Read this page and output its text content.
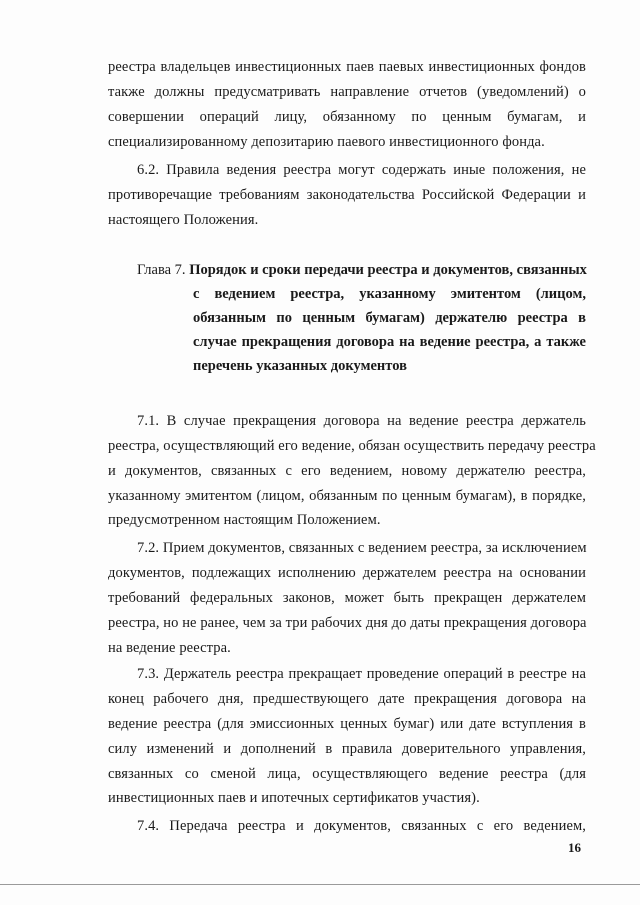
реестра владельцев инвестиционных паев паевых инвестиционных фондов
также должны предусматривать направление отчетов (уведомлений) о
совершении операций лицу, обязанному по ценным бумагам, и
специализированному депозитарию паевого инвестиционного фонда.
6.2. Правила ведения реестра могут содержать иные положения, не
противоречащие требованиям законодательства Российской Федерации и
настоящего Положения.
Глава 7. Порядок и сроки передачи реестра и документов, связанных
с ведением реестра, указанному эмитентом (лицом,
обязанным по ценным бумагам) держателю реестра в
случае прекращения договора на ведение реестра, а также
перечень указанных документов
7.1. В случае прекращения договора на ведение реестра держатель
реестра, осуществляющий его ведение, обязан осуществить передачу реестра
и документов, связанных с его ведением, новому держателю реестра,
указанному эмитентом (лицом, обязанным по ценным бумагам), в порядке,
предусмотренном настоящим Положением.
7.2. Прием документов, связанных с ведением реестра, за исключением
документов, подлежащих исполнению держателем реестра на основании
требований федеральных законов, может быть прекращен держателем
реестра, но не ранее, чем за три рабочих дня до даты прекращения договора
на ведение реестра.
7.3. Держатель реестра прекращает проведение операций в реестре на
конец рабочего дня, предшествующего дате прекращения договора на
ведение реестра (для эмиссионных ценных бумаг) или дате вступления в
силу изменений и дополнений в правила доверительного управления,
связанных со сменой лица, осуществляющего ведение реестра (для
инвестиционных паев и ипотечных сертификатов участия).
7.4. Передача реестра и документов, связанных с его ведением,
16
